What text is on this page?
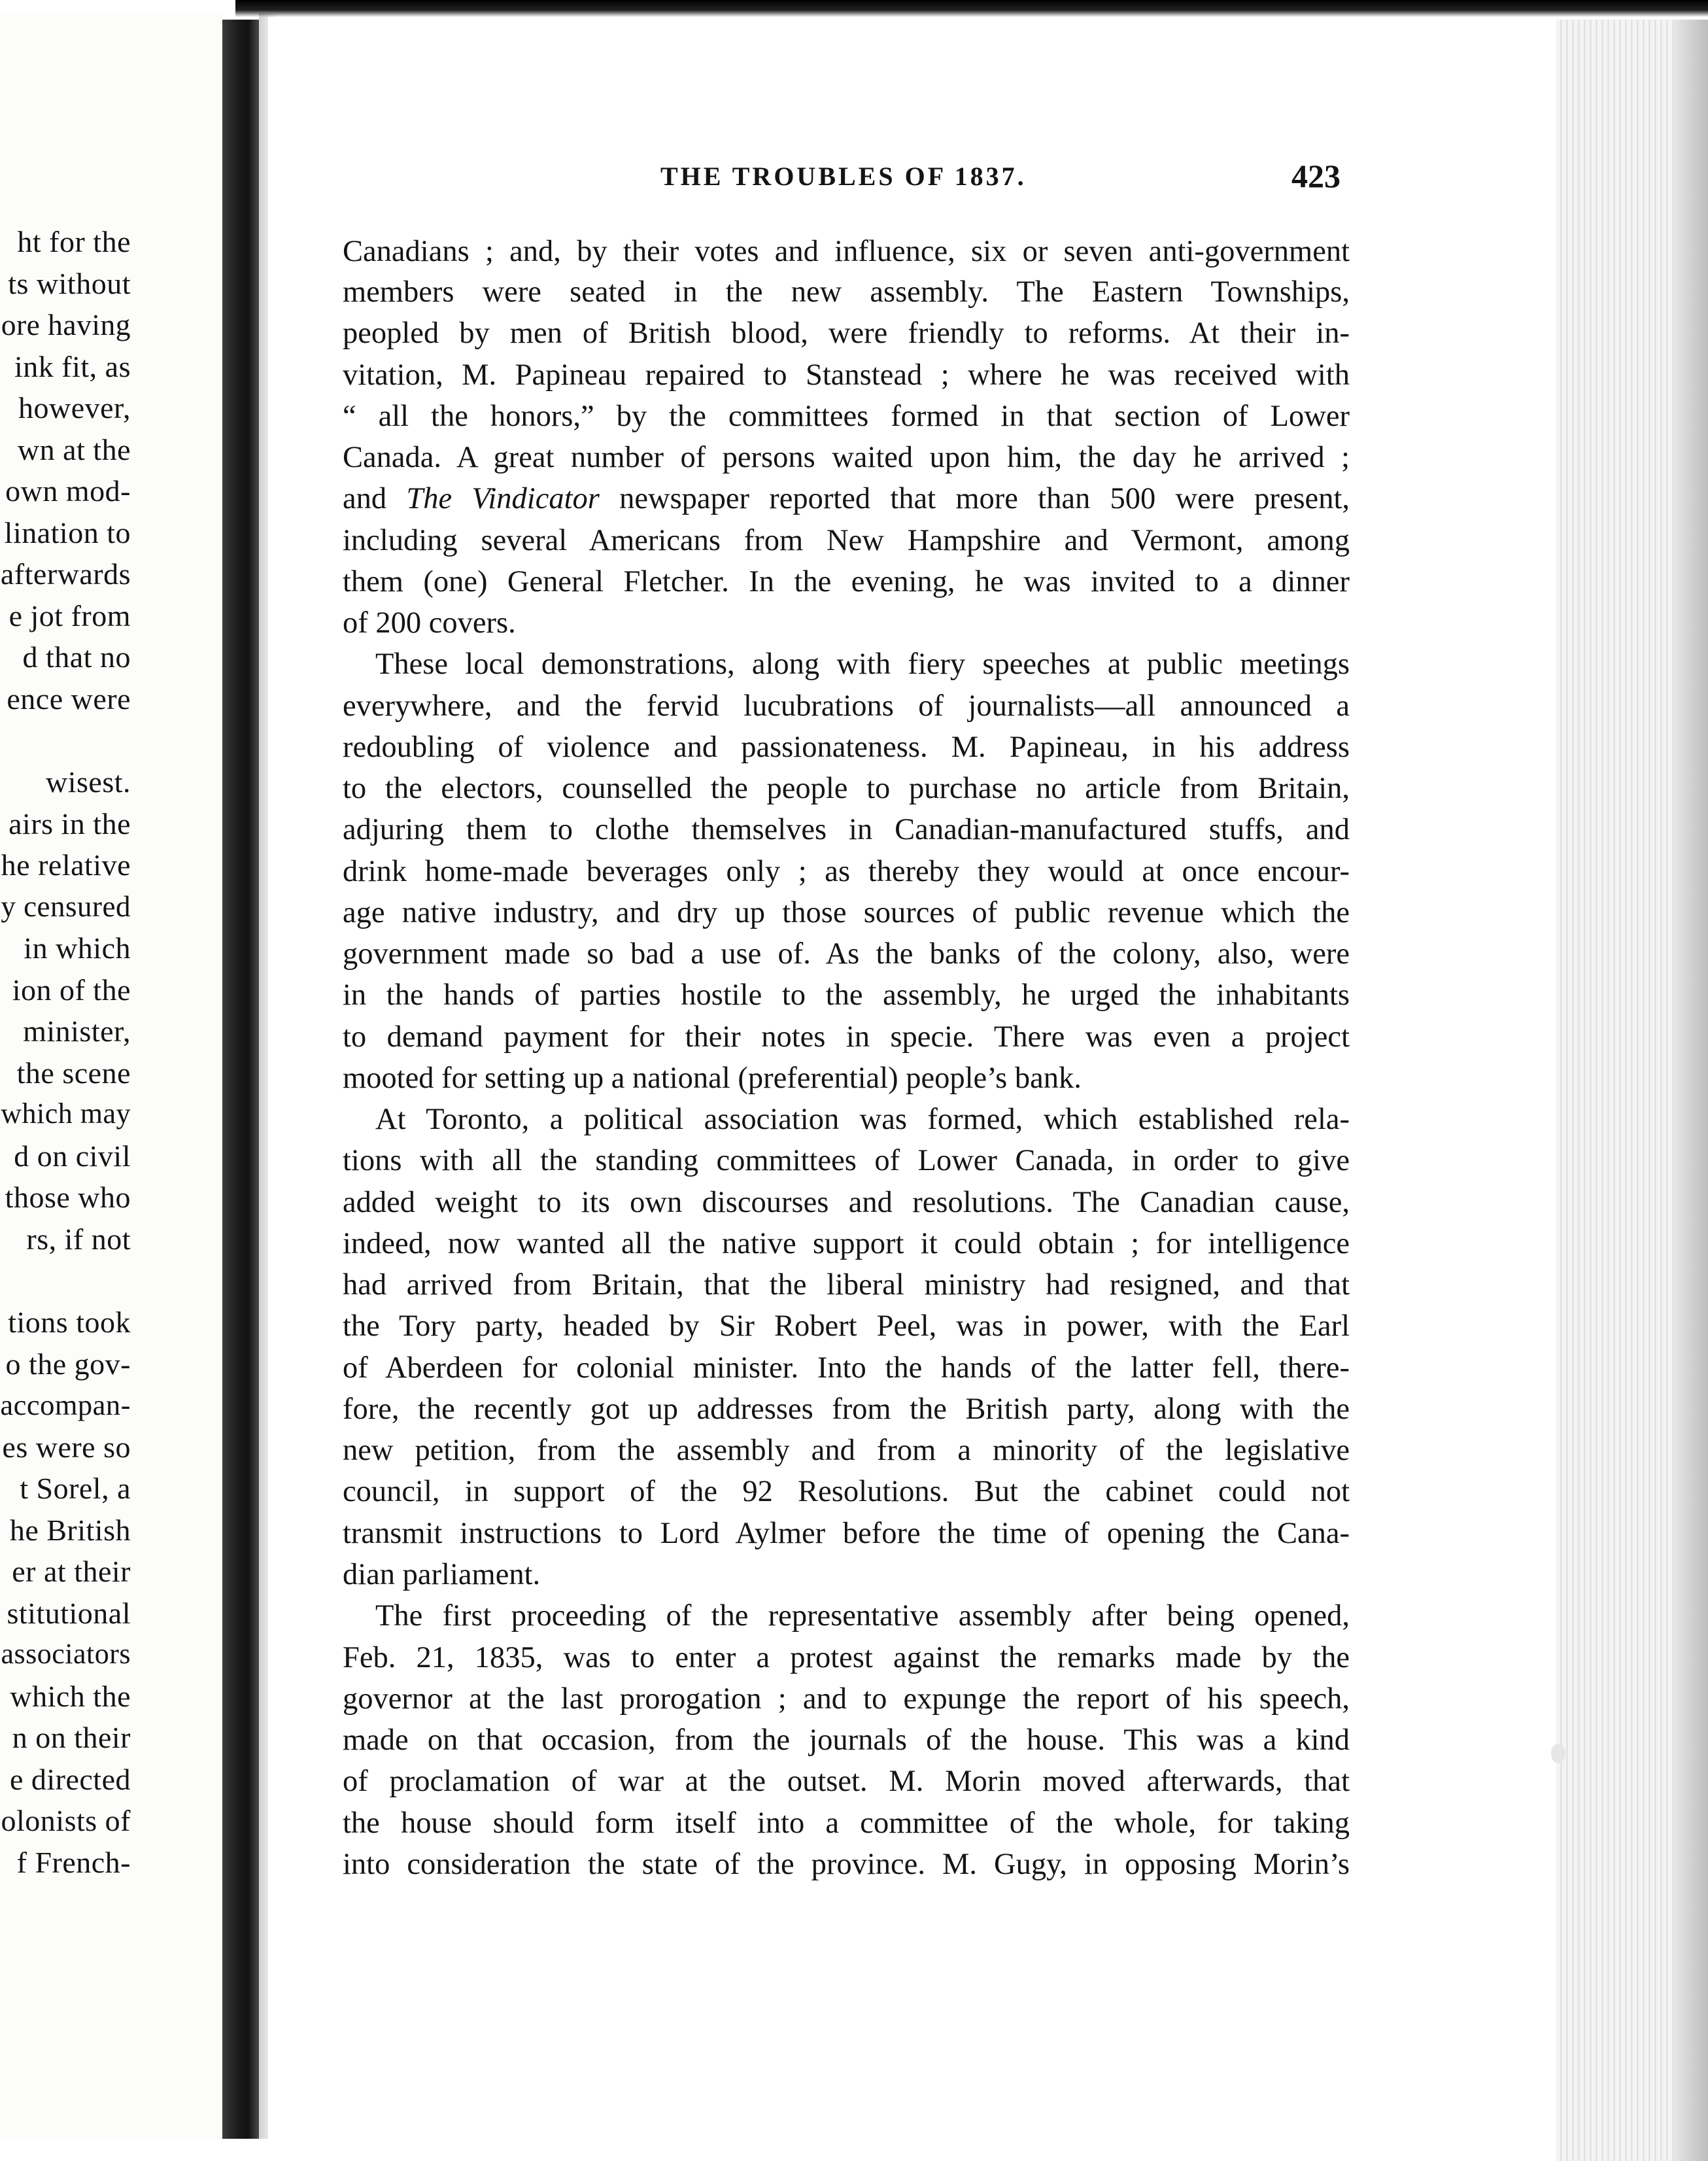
ht for the
ts without
ore having
ink fit, as
however,
wn at the
own mod-
lination to
afterwards
e jot from
d that no
ence were
wisest.
airs in the
he relative
y censured
in which
ion of the
minister,
the scene
which may
d on civil
those who
rs, if not
tions took
o the gov-
accompan-
es were so
t Sorel, a
he British
er at their
stitutional
associators
which the
n on their
e directed
olonists of
f French-
THE TROUBLES OF 1837.	423
Canadians ; and, by their votes and influence, six or seven anti-government
members were seated in the new assembly. The Eastern Townships,
peopled by men of British blood, were friendly to reforms. At their in-
vitation, M. Papineau repaired to Stanstead ; where he was received with
“ all the honors,” by the committees formed in that section of Lower
Canada. A great number of persons waited upon him, the day he arrived ;
and The Vindicator newspaper reported that more than 500 were present,
including several Americans from New Hampshire and Vermont, among
them (one) General Fletcher. In the evening, he was invited to a dinner
of 200 covers.
These local demonstrations, along with fiery speeches at public meetings
everywhere, and the fervid lucubrations of journalists—all announced a
redoubling of violence and passionateness. M. Papineau, in his address
to the electors, counselled the people to purchase no article from Britain,
adjuring them to clothe themselves in Canadian-manufactured stuffs, and
drink home-made beverages only ; as thereby they would at once encour-
age native industry, and dry up those sources of public revenue which the
government made so bad a use of. As the banks of the colony, also, were
in the hands of parties hostile to the assembly, he urged the inhabitants
to demand payment for their notes in specie. There was even a project
mooted for setting up a national (preferential) people’s bank.
At Toronto, a political association was formed, which established rela-
tions with all the standing committees of Lower Canada, in order to give
added weight to its own discourses and resolutions. The Canadian cause,
indeed, now wanted all the native support it could obtain ; for intelligence
had arrived from Britain, that the liberal ministry had resigned, and that
the Tory party, headed by Sir Robert Peel, was in power, with the Earl
of Aberdeen for colonial minister. Into the hands of the latter fell, there-
fore, the recently got up addresses from the British party, along with the
new petition, from the assembly and from a minority of the legislative
council, in support of the 92 Resolutions. But the cabinet could not
transmit instructions to Lord Aylmer before the time of opening the Cana-
dian parliament.
The first proceeding of the representative assembly after being opened,
Feb. 21, 1835, was to enter a protest against the remarks made by the
governor at the last prorogation ; and to expunge the report of his speech,
made on that occasion, from the journals of the house. This was a kind
of proclamation of war at the outset. M. Morin moved afterwards, that
the house should form itself into a committee of the whole, for taking
into consideration the state of the province. M. Gugy, in opposing Morin’s
